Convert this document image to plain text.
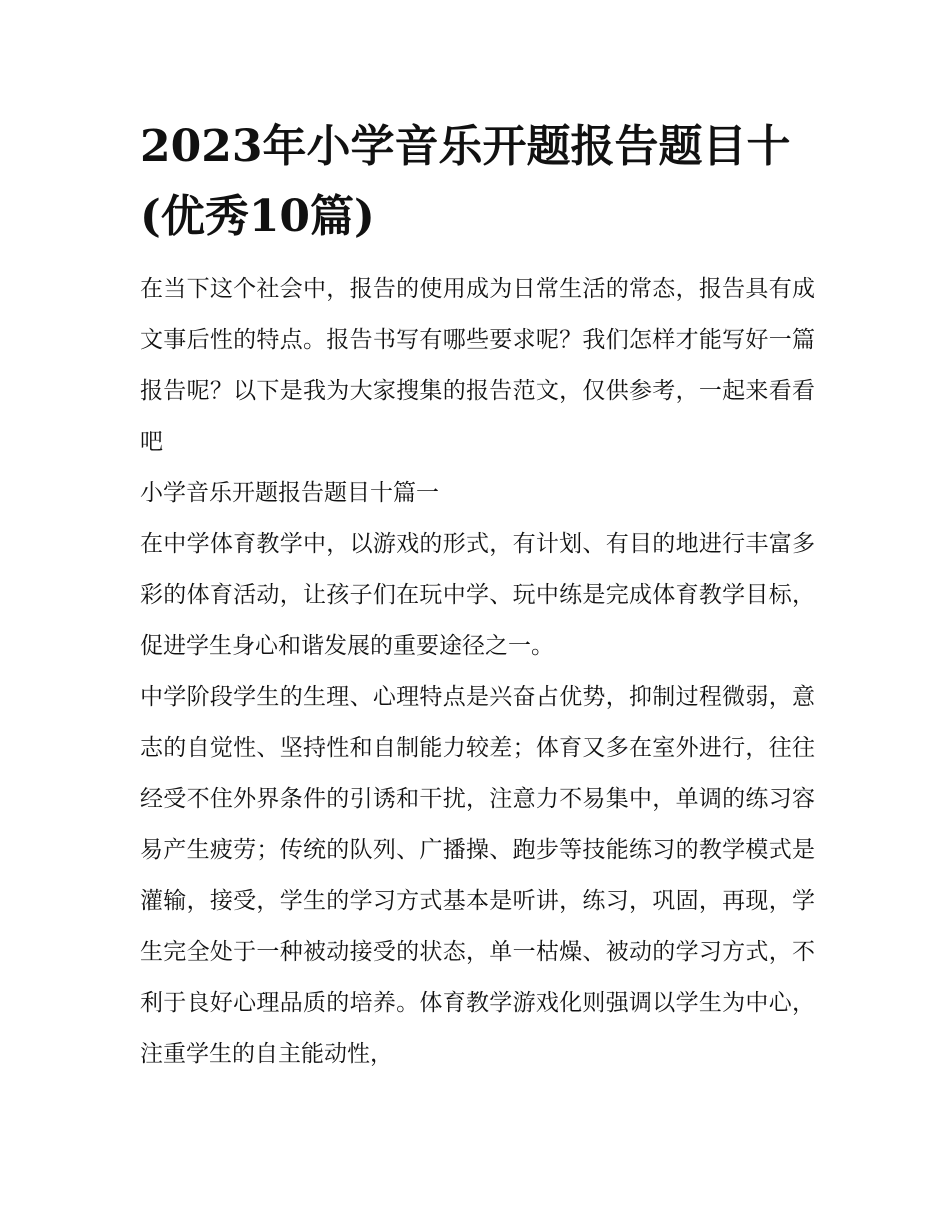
2023年小学音乐开题报告题目十(优秀10篇)

在当下这个社会中，报告的使用成为日常生活的常态，报告具有成文事后性的特点。报告书写有哪些要求呢？我们怎样才能写好一篇报告呢？以下是我为大家搜集的报告范文，仅供参考，一起来看看吧

小学音乐开题报告题目十篇一

在中学体育教学中，以游戏的形式，有计划、有目的地进行丰富多彩的体育活动，让孩子们在玩中学、玩中练是完成体育教学目标，促进学生身心和谐发展的重要途径之一。

中学阶段学生的生理、心理特点是兴奋占优势，抑制过程微弱，意志的自觉性、坚持性和自制能力较差；体育又多在室外进行，往往经受不住外界条件的引诱和干扰，注意力不易集中，单调的练习容易产生疲劳；传统的队列、广播操、跑步等技能练习的教学模式是灌输，接受，学生的学习方式基本是听讲，练习，巩固，再现，学生完全处于一种被动接受的状态，单一枯燥、被动的学习方式，不利于良好心理品质的培养。体育教学游戏化则强调以学生为中心，注重学生的自主能动性，
